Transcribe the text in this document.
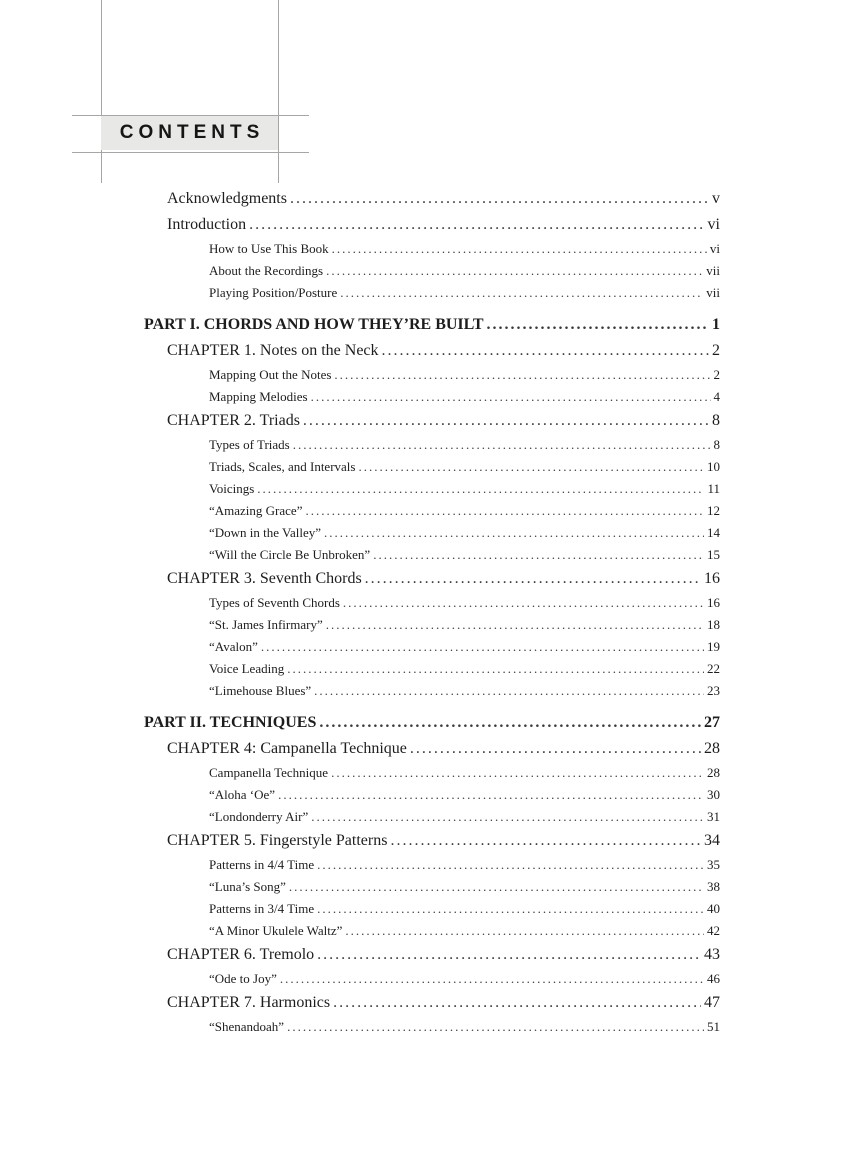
CONTENTS
Acknowledgments .....	v
Introduction .....	vi
How to Use This Book .....	vi
About the Recordings .....	vii
Playing Position/Posture .....	vii
PART I. CHORDS AND HOW THEY’RE BUILT .....	1
CHAPTER 1. Notes on the Neck .....	2
Mapping Out the Notes .....	2
Mapping Melodies .....	4
CHAPTER 2. Triads .....	8
Types of Triads .....	8
Triads, Scales, and Intervals .....	10
Voicings .....	11
“Amazing Grace” .....	12
“Down in the Valley” .....	14
“Will the Circle Be Unbroken” .....	15
CHAPTER 3. Seventh Chords .....	16
Types of Seventh Chords .....	16
“St. James Infirmary” .....	18
“Avalon” .....	19
Voice Leading .....	22
“Limehouse Blues” .....	23
PART II. TECHNIQUES .....	27
CHAPTER 4: Campanella Technique .....	28
Campanella Technique .....	28
“Aloha ‘Oe” .....	30
“Londonderry Air” .....	31
CHAPTER 5. Fingerstyle Patterns .....	34
Patterns in 4/4 Time .....	35
“Luna’s Song” .....	38
Patterns in 3/4 Time .....	40
“A Minor Ukulele Waltz” .....	42
CHAPTER 6. Tremolo .....	43
“Ode to Joy” .....	46
CHAPTER 7. Harmonics .....	47
“Shenandoah” .....	51
